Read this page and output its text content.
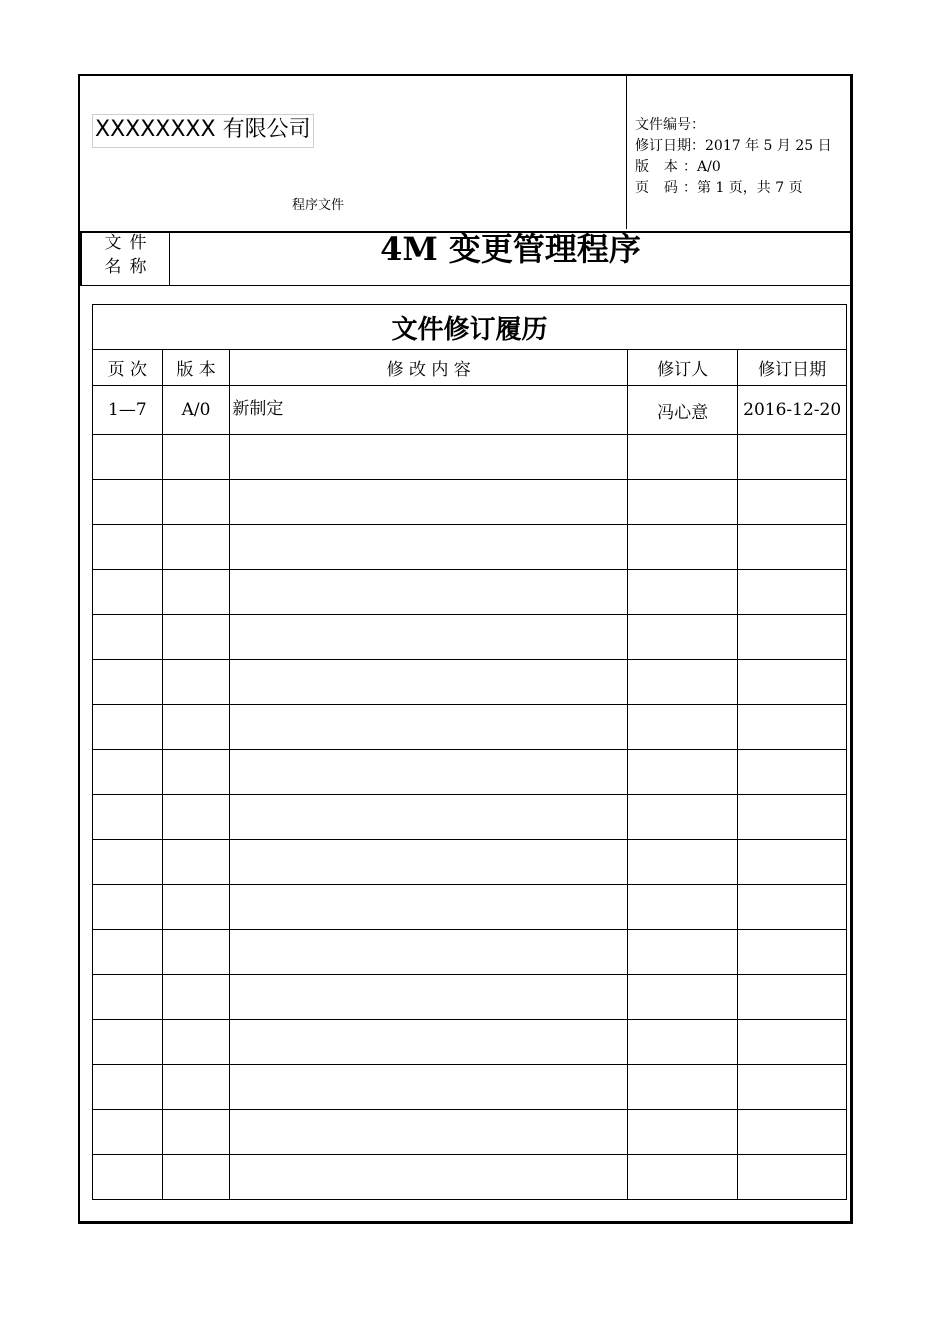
XXXXXXXX 有限公司
程序文件
文件编号：
修订日期：2017 年 5 月 25 日
版 本：A/0
页 码：第 1 页，共 7 页
文件
名称	4M 变更管理程序
文件修订履历				
页 次	版 本	修 改 内 容	修订人	修订日期
1—7	A/0	新制定	冯心意	2016-12-20
